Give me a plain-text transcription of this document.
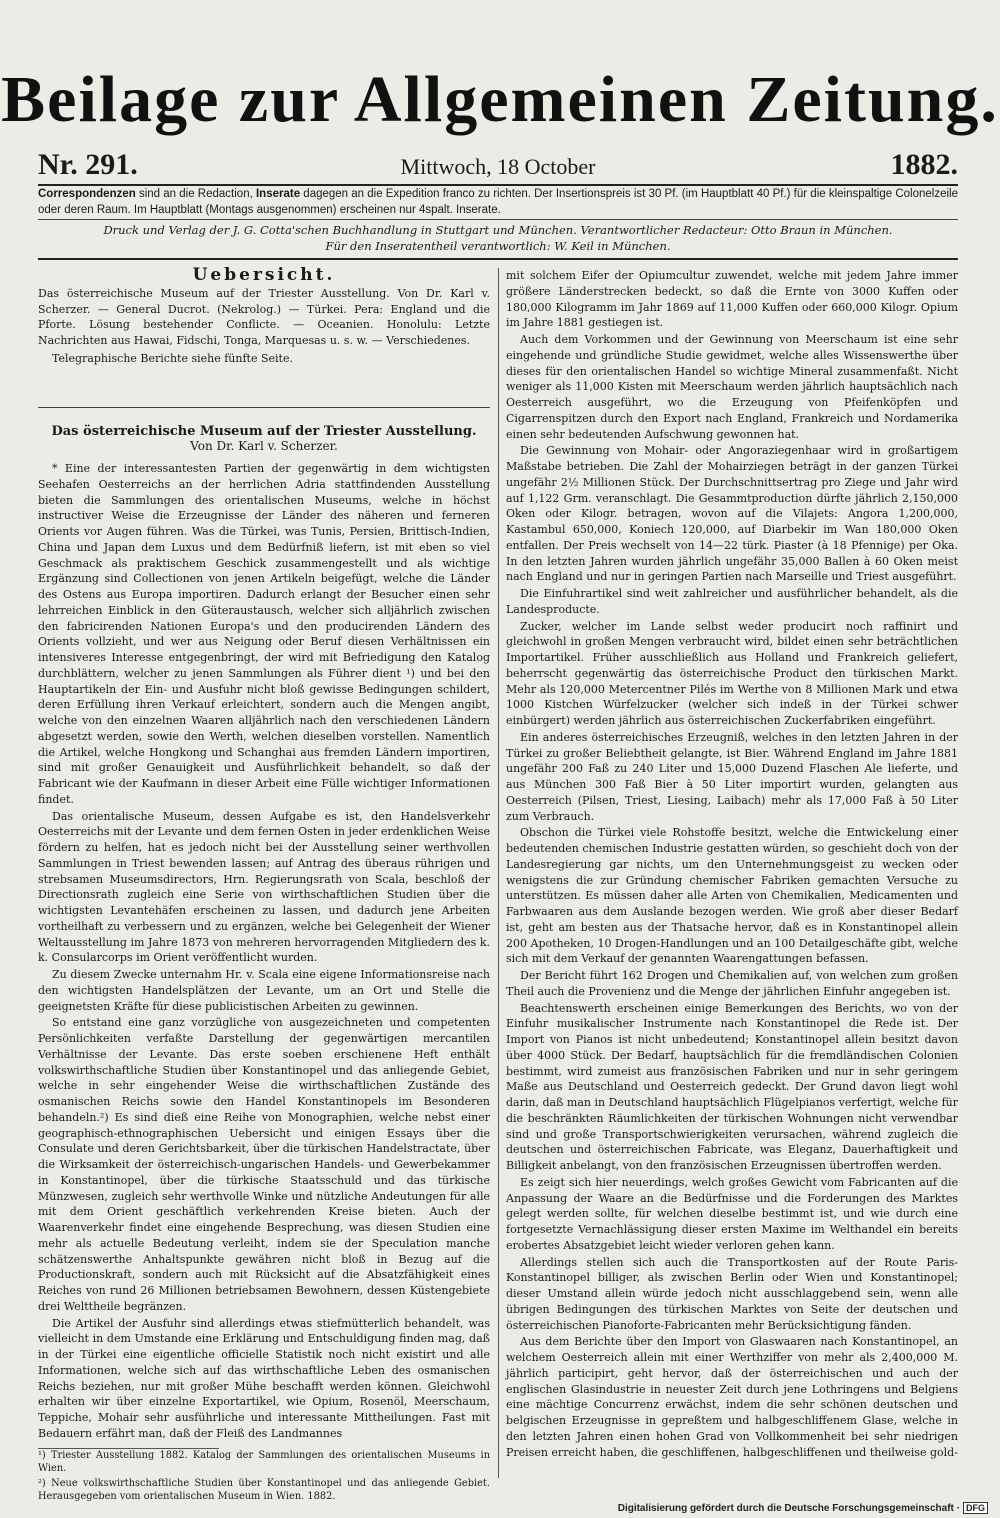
Beilage zur Allgemeinen Zeitung.
Nr. 291.	Mittwoch, 18 October	1882.
Correspondenzen sind an die Redaction, Inserate dagegen an die Expedition franco zu richten. Der Insertionspreis ist 30 Pf. (im Hauptblatt 40 Pf.) für die kleinspaltige Colonelzeile oder deren Raum. Im Hauptblatt (Montags ausgenommen) erscheinen nur 4spalt. Inserate.
Druck und Verlag der J. G. Cotta'schen Buchhandlung in Stuttgart und München. Verantwortlicher Redacteur: Otto Braun in München.
Für den Inseratentheil verantwortlich: W. Keil in München.
Uebersicht.

Das österreichische Museum auf der Triester Ausstellung. Von Dr. Karl v. Scherzer. — General Ducrot. (Nekrolog.) — Türkei. Pera: England und die Pforte. Lösung bestehender Conflicte. — Oceanien. Honolulu: Letzte Nachrichten aus Hawai, Fidschi, Tonga, Marquesas u. s. w. — Verschiedenes.

Telegraphische Berichte siehe fünfte Seite.

Das österreichische Museum auf der Triester Ausstellung.
Von Dr. Karl v. Scherzer.

* Eine der interessantesten Partien der gegenwärtig in dem wichtigsten Seehafen Oesterreichs an der herrlichen Adria stattfindenden Ausstellung bieten die Sammlungen des orientalischen Museums, welche in höchst instructiver Weise die Erzeugnisse der Länder des näheren und ferneren Orients vor Augen führen. Was die Türkei, was Tunis, Persien, Brittisch-Indien, China und Japan dem Luxus und dem Bedürfniß liefern, ist mit eben so viel Geschmack als praktischem Geschick zusammengestellt und als wichtige Ergänzung sind Collectionen von jenen Artikeln beigefügt, welche die Länder des Ostens aus Europa importiren. Dadurch erlangt der Besucher einen sehr lehrreichen Einblick in den Güteraustausch, welcher sich alljährlich zwischen den fabricirenden Nationen Europa's und den producirenden Ländern des Orients vollzieht, und wer aus Neigung oder Beruf diesen Verhältnissen ein intensiveres Interesse entgegenbringt, der wird mit Befriedigung den Katalog durchblättern, welcher zu jenen Sammlungen als Führer dient ¹) und bei den Hauptartikeln der Ein- und Ausfuhr nicht bloß gewisse Bedingungen schildert, deren Erfüllung ihren Verkauf erleichtert, sondern auch die Mengen angibt, welche von den einzelnen Waaren alljährlich nach den verschiedenen Ländern abgesetzt werden, sowie den Werth, welchen dieselben vorstellen. Namentlich die Artikel, welche Hongkong und Schanghai aus fremden Ländern importiren, sind mit großer Genauigkeit und Ausführlichkeit behandelt, so daß der Fabricant wie der Kaufmann in dieser Arbeit eine Fülle wichtiger Informationen findet.

Das orientalische Museum, dessen Aufgabe es ist, den Handelsverkehr Oesterreichs mit der Levante und dem fernen Osten in jeder erdenklichen Weise fördern zu helfen, hat es jedoch nicht bei der Ausstellung seiner werthvollen Sammlungen in Triest bewenden lassen; auf Antrag des überaus rührigen und strebsamen Museumsdirectors, Hrn. Regierungsrath von Scala, beschloß der Directionsrath zugleich eine Serie von wirthschaftlichen Studien über die wichtigsten Levantehäfen erscheinen zu lassen, und dadurch jene Arbeiten vortheilhaft zu verbessern und zu ergänzen, welche bei Gelegenheit der Wiener Weltausstellung im Jahre 1873 von mehreren hervorragenden Mitgliedern des k. k. Consularcorps im Orient veröffentlicht wurden.

Zu diesem Zwecke unternahm Hr. v. Scala eine eigene Informationsreise nach den wichtigsten Handelsplätzen der Levante, um an Ort und Stelle die geeignetsten Kräfte für diese publicistischen Arbeiten zu gewinnen.

So entstand eine ganz vorzügliche von ausgezeichneten und competenten Persönlichkeiten verfaßte Darstellung der gegenwärtigen mercantilen Verhältnisse der Levante. Das erste soeben erschienene Heft enthält volkswirthschaftliche Studien über Konstantinopel und das anliegende Gebiet, welche in sehr eingehender Weise die wirthschaftlichen Zustände des osmanischen Reichs sowie den Handel Konstantinopels im Besonderen behandeln.²) Es sind dieß eine Reihe von Monographien, welche nebst einer geographisch-ethnographischen Uebersicht und einigen Essays über die Consulate und deren Gerichtsbarkeit, über die türkischen Handelstractate, über die Wirksamkeit der österreichisch-ungarischen Handels- und Gewerbekammer in Konstantinopel, über die türkische Staatsschuld und das türkische Münzwesen, zugleich sehr werthvolle Winke und nützliche Andeutungen für alle mit dem Orient geschäftlich verkehrenden Kreise bieten. Auch der Waarenverkehr findet eine eingehende Besprechung, was diesen Studien eine mehr als actuelle Bedeutung verleiht, indem sie der Speculation manche schätzenswerthe Anhaltspunkte gewähren nicht bloß in Bezug auf die Productionskraft, sondern auch mit Rücksicht auf die Absatzfähigkeit eines Reiches von rund 26 Millionen betriebsamen Bewohnern, dessen Küstengebiete drei Welttheile begränzen.

Die Artikel der Ausfuhr sind allerdings etwas stiefmütterlich behandelt, was vielleicht in dem Umstande eine Erklärung und Entschuldigung finden mag, daß in der Türkei eine eigentliche officielle Statistik noch nicht existirt und alle Informationen, welche sich auf das wirthschaftliche Leben des osmanischen Reichs beziehen, nur mit großer Mühe beschafft werden können. Gleichwohl erhalten wir über einzelne Exportartikel, wie Opium, Rosenöl, Meerschaum, Teppiche, Mohair sehr ausführliche und interessante Mittheilungen. Fast mit Bedauern erfährt man, daß der Fleiß des Landmannes

¹) Triester Ausstellung 1882. Katalog der Sammlungen des orientalischen Museums in Wien.

²) Neue volkswirthschaftliche Studien über Konstantinopel und das anliegende Gebiet. Herausgegeben vom orientalischen Museum in Wien. 1882.

mit solchem Eifer der Opiumcultur zuwendet, welche mit jedem Jahre immer größere Länderstrecken bedeckt, so daß die Ernte von 3000 Kuffen oder 180,000 Kilogramm im Jahr 1869 auf 11,000 Kuffen oder 660,000 Kilogr. Opium im Jahre 1881 gestiegen ist.

Auch dem Vorkommen und der Gewinnung von Meerschaum ist eine sehr eingehende und gründliche Studie gewidmet, welche alles Wissenswerthe über dieses für den orientalischen Handel so wichtige Mineral zusammenfaßt. Nicht weniger als 11,000 Kisten mit Meerschaum werden jährlich hauptsächlich nach Oesterreich ausgeführt, wo die Erzeugung von Pfeifenköpfen und Cigarrenspitzen durch den Export nach England, Frankreich und Nordamerika einen sehr bedeutenden Aufschwung gewonnen hat.

Die Gewinnung von Mohair- oder Angoraziegenhaar wird in großartigem Maßstabe betrieben. Die Zahl der Mohairziegen beträgt in der ganzen Türkei ungefähr 2½ Millionen Stück. Der Durchschnittsertrag pro Ziege und Jahr wird auf 1,122 Grm. veranschlagt. Die Gesammtproduction dürfte jährlich 2,150,000 Oken oder Kilogr. betragen, wovon auf die Vilajets: Angora 1,200,000, Kastambul 650,000, Koniech 120,000, auf Diarbekir im Wan 180,000 Oken entfallen. Der Preis wechselt von 14—22 türk. Piaster (à 18 Pfennige) per Oka. In den letzten Jahren wurden jährlich ungefähr 35,000 Ballen à 60 Oken meist nach England und nur in geringen Partien nach Marseille und Triest ausgeführt.

Die Einfuhrartikel sind weit zahlreicher und ausführlicher behandelt, als die Landesproducte.

Zucker, welcher im Lande selbst weder producirt noch raffinirt und gleichwohl in großen Mengen verbraucht wird, bildet einen sehr beträchtlichen Importartikel. Früher ausschließlich aus Holland und Frankreich geliefert, beherrscht gegenwärtig das österreichische Product den türkischen Markt. Mehr als 120,000 Metercentner Pilés im Werthe von 8 Millionen Mark und etwa 1000 Kistchen Würfelzucker (welcher sich indeß in der Türkei schwer einbürgert) werden jährlich aus österreichischen Zuckerfabriken eingeführt.

Ein anderes österreichisches Erzeugniß, welches in den letzten Jahren in der Türkei zu großer Beliebtheit gelangte, ist Bier. Während England im Jahre 1881 ungefähr 200 Faß zu 240 Liter und 15,000 Duzend Flaschen Ale lieferte, und aus München 300 Faß Bier à 50 Liter importirt wurden, gelangten aus Oesterreich (Pilsen, Triest, Liesing, Laibach) mehr als 17,000 Faß à 50 Liter zum Verbrauch.

Obschon die Türkei viele Rohstoffe besitzt, welche die Entwickelung einer bedeutenden chemischen Industrie gestatten würden, so geschieht doch von der Landesregierung gar nichts, um den Unternehmungsgeist zu wecken oder wenigstens die zur Gründung chemischer Fabriken gemachten Versuche zu unterstützen. Es müssen daher alle Arten von Chemikalien, Medicamenten und Farbwaaren aus dem Auslande bezogen werden. Wie groß aber dieser Bedarf ist, geht am besten aus der Thatsache hervor, daß es in Konstantinopel allein 200 Apotheken, 10 Drogen-Handlungen und an 100 Detailgeschäfte gibt, welche sich mit dem Verkauf der genannten Waarengattungen befassen.

Der Bericht führt 162 Drogen und Chemikalien auf, von welchen zum großen Theil auch die Provenienz und die Menge der jährlichen Einfuhr angegeben ist.

Beachtenswerth erscheinen einige Bemerkungen des Berichts, wo von der Einfuhr musikalischer Instrumente nach Konstantinopel die Rede ist. Der Import von Pianos ist nicht unbedeutend; Konstantinopel allein besitzt davon über 4000 Stück. Der Bedarf, hauptsächlich für die fremdländischen Colonien bestimmt, wird zumeist aus französischen Fabriken und nur in sehr geringem Maße aus Deutschland und Oesterreich gedeckt. Der Grund davon liegt wohl darin, daß man in Deutschland hauptsächlich Flügelpianos verfertigt, welche für die beschränkten Räumlichkeiten der türkischen Wohnungen nicht verwendbar sind und große Transportschwierigkeiten verursachen, während zugleich die deutschen und österreichischen Fabricate, was Eleganz, Dauerhaftigkeit und Billigkeit anbelangt, von den französischen Erzeugnissen übertroffen werden.

Es zeigt sich hier neuerdings, welch großes Gewicht vom Fabricanten auf die Anpassung der Waare an die Bedürfnisse und die Forderungen des Marktes gelegt werden sollte, für welchen dieselbe bestimmt ist, und wie durch eine fortgesetzte Vernachlässigung dieser ersten Maxime im Welthandel ein bereits erobertes Absatzgebiet leicht wieder verloren gehen kann.

Allerdings stellen sich auch die Transportkosten auf der Route Paris-Konstantinopel billiger, als zwischen Berlin oder Wien und Konstantinopel; dieser Umstand allein würde jedoch nicht ausschlaggebend sein, wenn alle übrigen Bedingungen des türkischen Marktes von Seite der deutschen und österreichischen Pianoforte-Fabricanten mehr Berücksichtigung fänden.

Aus dem Berichte über den Import von Glaswaaren nach Konstantinopel, an welchem Oesterreich allein mit einer Werthziffer von mehr als 2,400,000 M. jährlich participirt, geht hervor, daß der österreichischen und auch der englischen Glasindustrie in neuester Zeit durch jene Lothringens und Belgiens eine mächtige Concurrenz erwächst, indem die sehr schönen deutschen und belgischen Erzeugnisse in gepreßtem und halbgeschliffenem Glase, welche in den letzten Jahren einen hohen Grad von Vollkommenheit bei sehr niedrigen Preisen erreicht haben, die geschliffenen, halbgeschliffenen und theilweise gold-

Digitalisierung gefördert durch die Deutsche Forschungsgemeinschaft · DFG
